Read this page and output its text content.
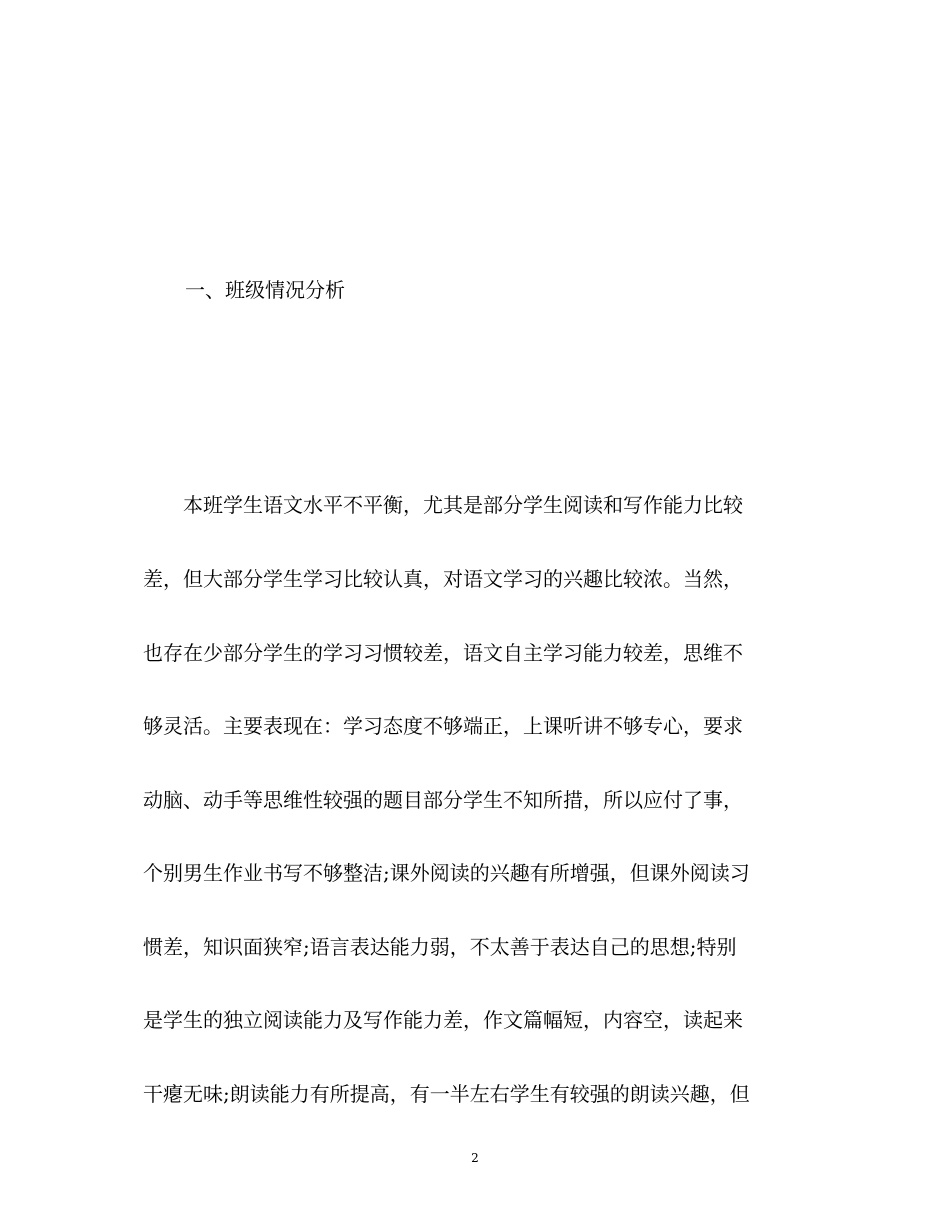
一、班级情况分析
　　本班学生语文水平不平衡，尤其是部分学生阅读和写作能力比较
差，但大部分学生学习比较认真，对语文学习的兴趣比较浓。当然，
也存在少部分学生的学习习惯较差，语文自主学习能力较差，思维不
够灵活。主要表现在：学习态度不够端正，上课听讲不够专心，要求
动脑、动手等思维性较强的题目部分学生不知所措，所以应付了事，
个别男生作业书写不够整洁;课外阅读的兴趣有所增强，但课外阅读习
惯差，知识面狭窄;语言表达能力弱，不太善于表达自己的思想;特别
是学生的独立阅读能力及写作能力差，作文篇幅短，内容空，读起来
干瘪无味;朗读能力有所提高，有一半左右学生有较强的朗读兴趣，但
2
